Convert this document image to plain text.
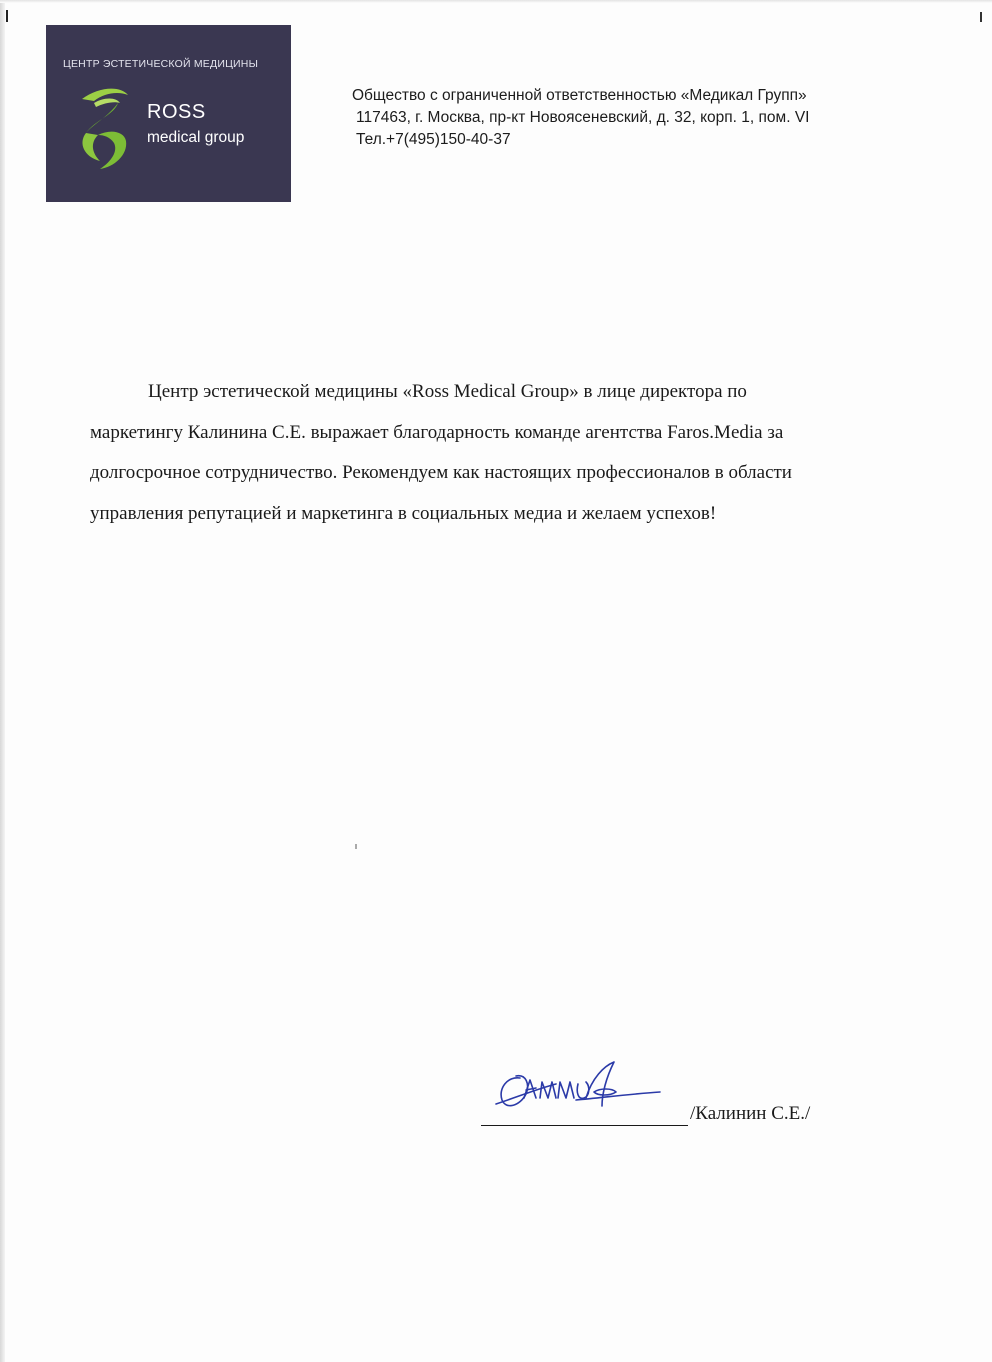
ЦЕНТР ЭСТЕТИЧЕСКОЙ МЕДИЦИНЫ
ROSS
medical group
Общество с ограниченной ответственностью «Медикал Групп»
117463, г. Москва, пр-кт Новоясеневский, д. 32, корп. 1, пом. VI
Тел.+7(495)150-40-37
Центр эстетической медицины «Ross Medical Group» в лице директора по
маркетингу Калинина С.Е. выражает благодарность команде агентства Faros.Media за
долгосрочное сотрудничество. Рекомендуем как настоящих профессионалов в области
управления репутацией и маркетинга в социальных медиа и желаем успехов!
/Калинин С.Е./
